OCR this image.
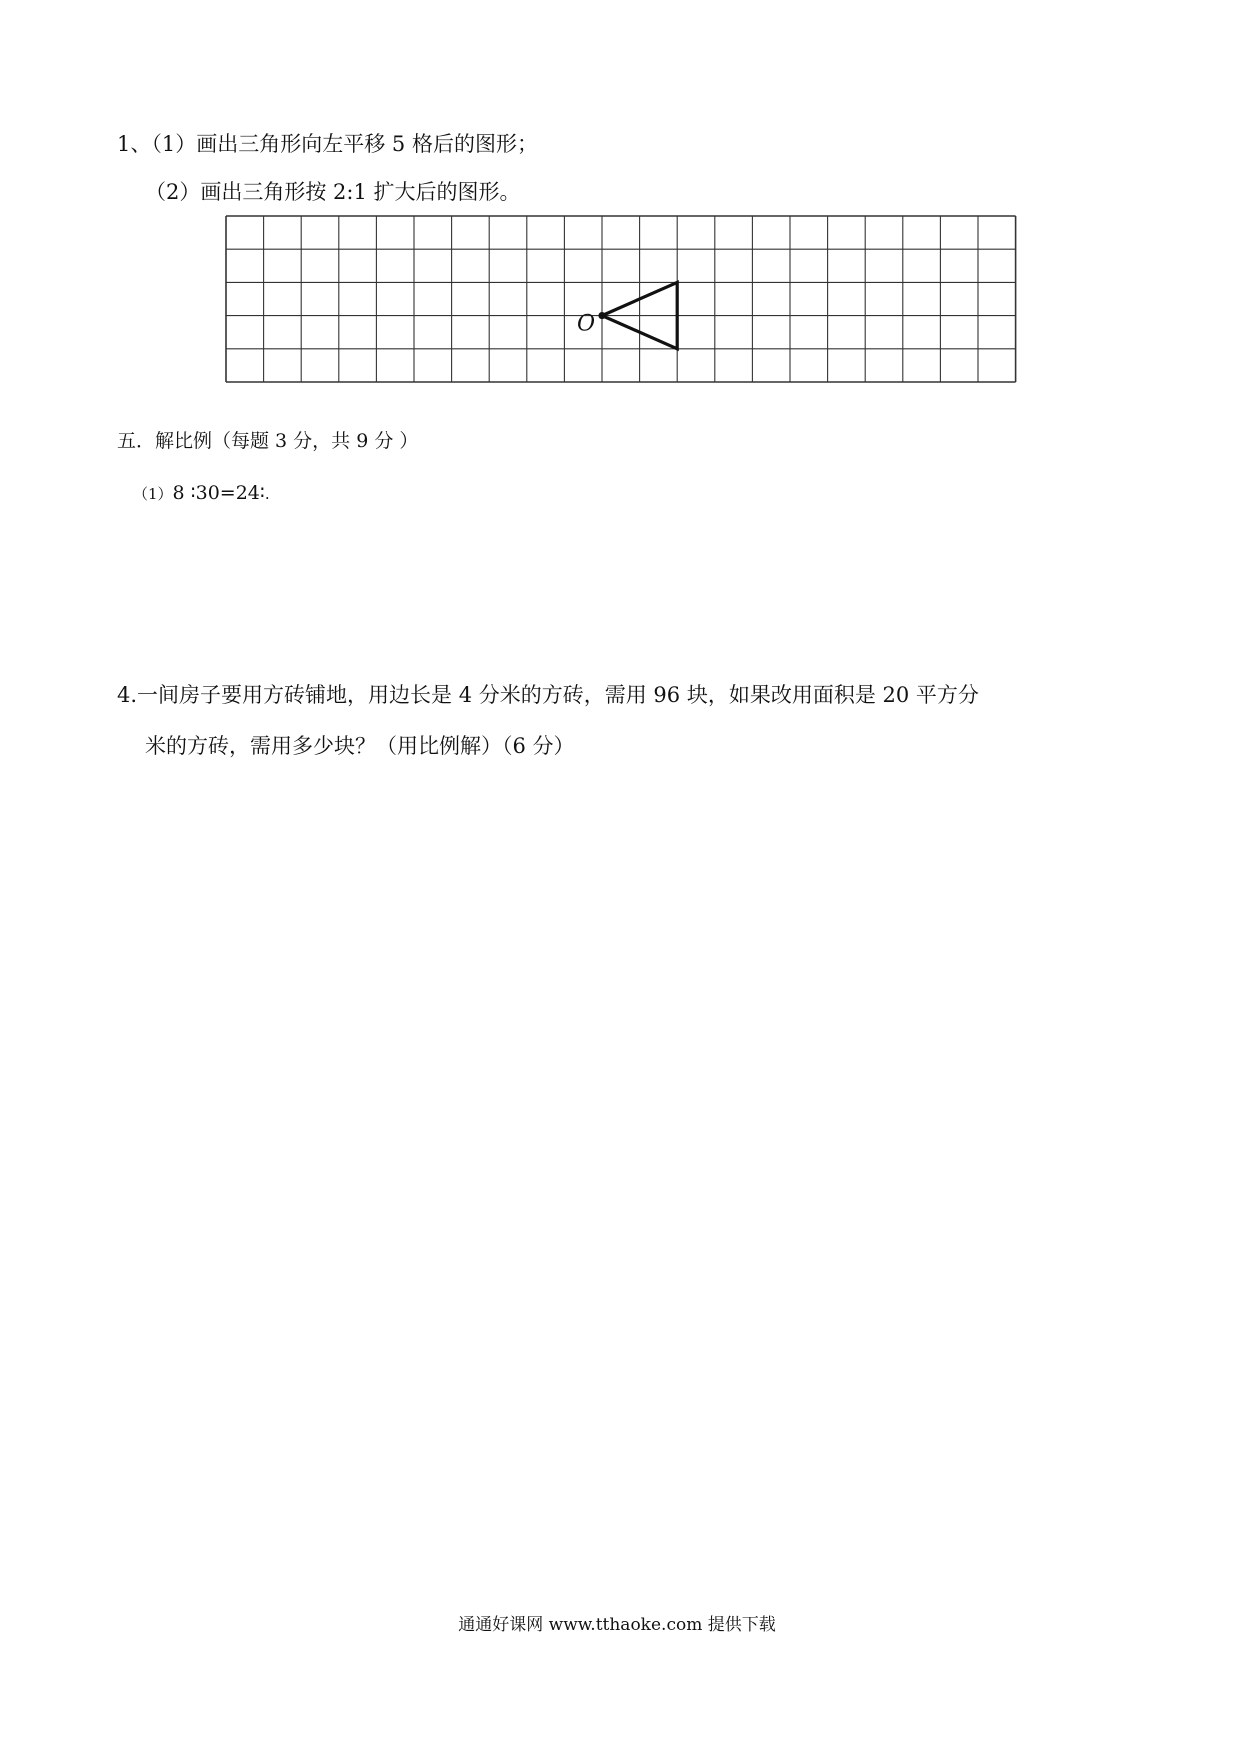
1、（1）画出三角形向左平移 5 格后的图形；
（2）画出三角形按 2:1 扩大后的图形。
O
五．解比例（每题 3 分，共 9 分 ）
（1）8 ∶30=24∶.
4.一间房子要用方砖铺地，用边长是 4 分米的方砖，需用 96 块，如果改用面积是 20 平方分
米的方砖，需用多少块？（用比例解）（6 分）
通通好课网 www.tthaoke.com 提供下载
